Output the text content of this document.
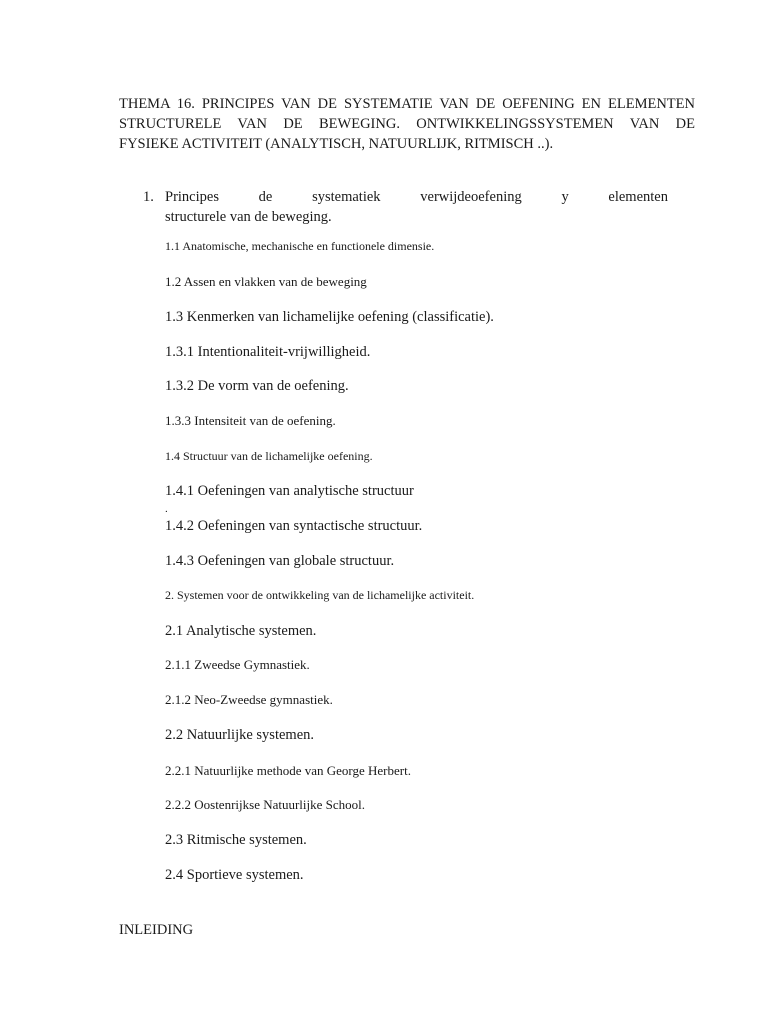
THEMA 16. PRINCIPES VAN DE SYSTEMATIE VAN DE OEFENING EN ELEMENTEN
STRUCTURELE VAN DE BEWEGING. ONTWIKKELINGSSYSTEMEN VAN DE
FYSIEKE ACTIVITEIT (ANALYTISCH, NATUURLIJK, RITMISCH ..).
1. Principes de systematiek verwijdeoefening y elementen
structurele van de beweging.

1.1 Anatomische, mechanische en functionele dimensie.

1.2 Assen en vlakken van de beweging

1.3 Kenmerken van lichamelijke oefening (classificatie).

1.3.1 Intentionaliteit-vrijwilligheid.

1.3.2 De vorm van de oefening.

1.3.3 Intensiteit van de oefening.

1.4 Structuur van de lichamelijke oefening.

1.4.1 Oefeningen van analytische structuur

.

1.4.2 Oefeningen van syntactische structuur.

1.4.3 Oefeningen van globale structuur.

2. Systemen voor de ontwikkeling van de lichamelijke activiteit.

2.1 Analytische systemen.

2.1.1 Zweedse Gymnastiek.

2.1.2 Neo-Zweedse gymnastiek.

2.2 Natuurlijke systemen.

2.2.1 Natuurlijke methode van George Herbert.

2.2.2 Oostenrijkse Natuurlijke School.

2.3 Ritmische systemen.

2.4 Sportieve systemen.

INLEIDING
